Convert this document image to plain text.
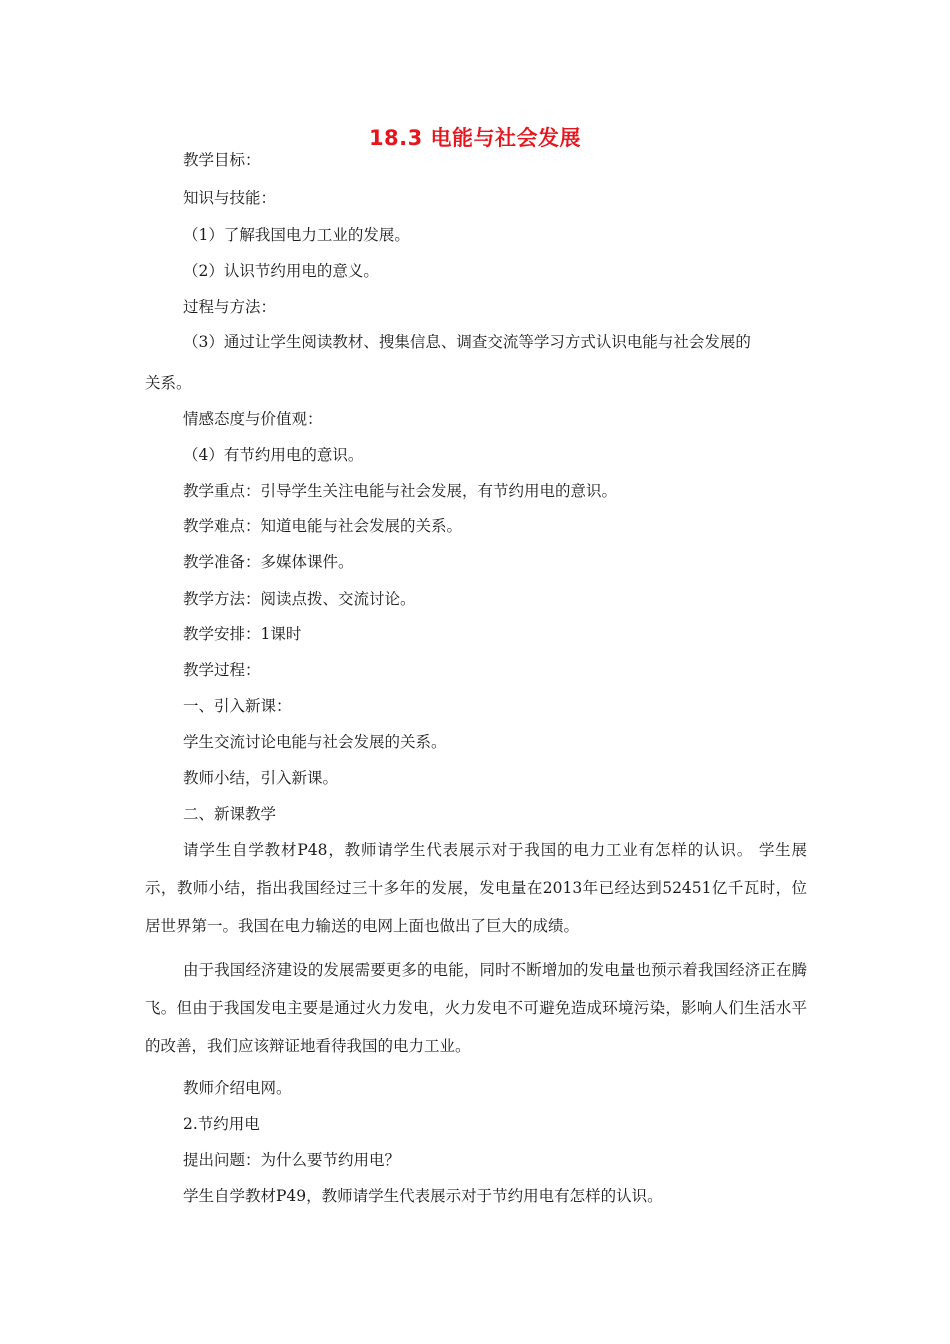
18.3 电能与社会发展
教学目标：
知识与技能：
（1）了解我国电力工业的发展。
（2）认识节约用电的意义。
过程与方法：
（3）通过让学生阅读教材、搜集信息、调查交流等学习方式认识电能与社会发展的
关系。
情感态度与价值观：
（4）有节约用电的意识。
教学重点：引导学生关注电能与社会发展，有节约用电的意识。
教学难点：知道电能与社会发展的关系。
教学准备：多媒体课件。
教学方法：阅读点拨、交流讨论。
教学安排：1课时
教学过程：
一、引入新课：
学生交流讨论电能与社会发展的关系。
教师小结，引入新课。
二、新课教学
请学生自学教材P48，教师请学生代表展示对于我国的电力工业有怎样的认识。 学生展示，教师小结，指出我国经过三十多年的发展，发电量在2013年已经达到52451亿千瓦时，位居世界第一。我国在电力输送的电网上面也做出了巨大的成绩。
由于我国经济建设的发展需要更多的电能，同时不断增加的发电量也预示着我国经济正在腾飞。但由于我国发电主要是通过火力发电，火力发电不可避免造成环境污染，影响人们生活水平的改善，我们应该辩证地看待我国的电力工业。
教师介绍电网。
2.节约用电
提出问题：为什么要节约用电？
学生自学教材P49，教师请学生代表展示对于节约用电有怎样的认识。
